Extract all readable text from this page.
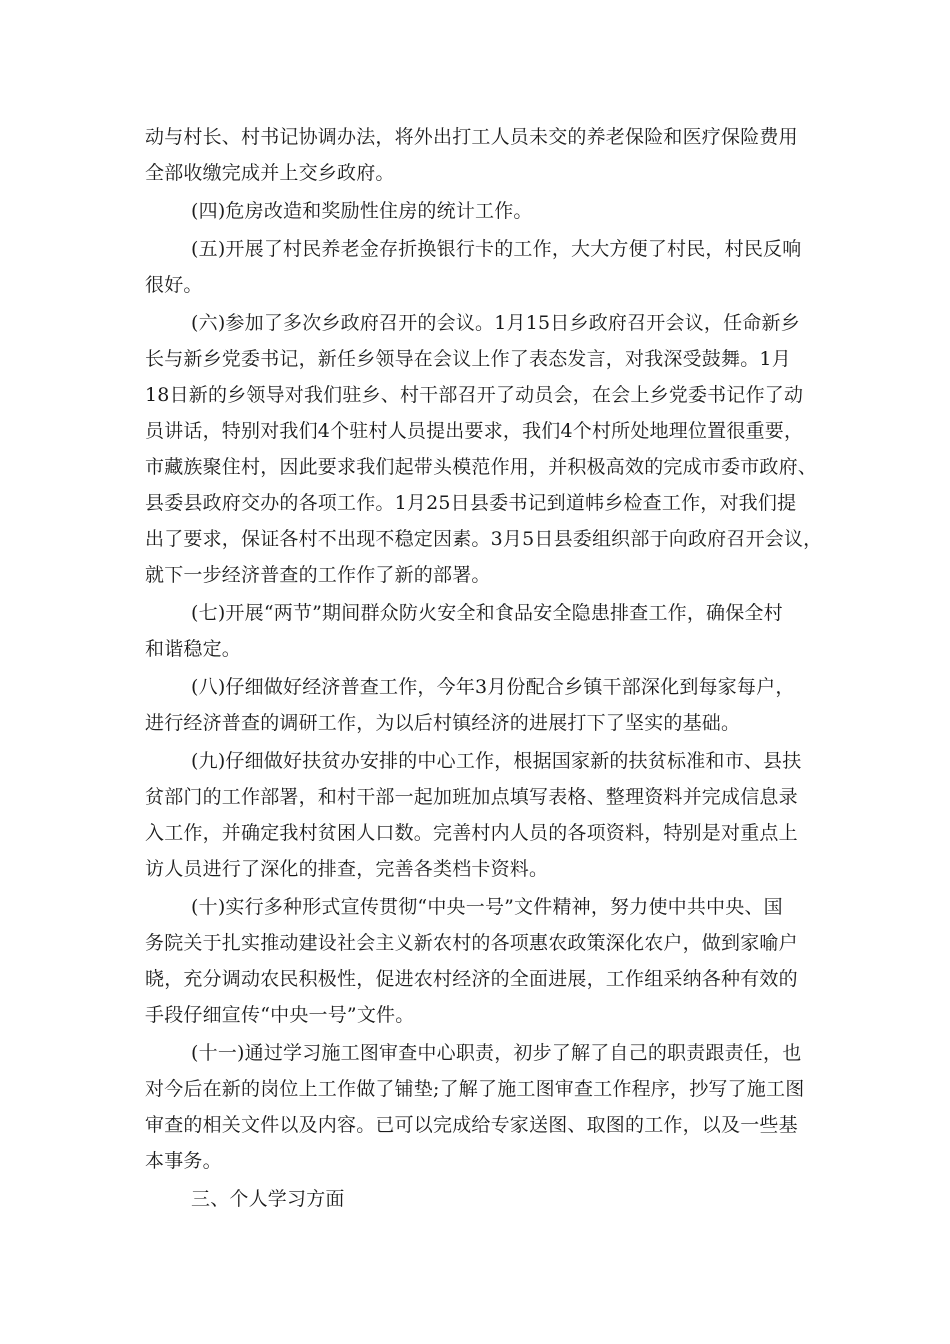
动与村长、村书记协调办法，将外出打工人员未交的养老保险和医疗保险费用
全部收缴完成并上交乡政府。
(四)危房改造和奖励性住房的统计工作。
(五)开展了村民养老金存折换银行卡的工作，大大方便了村民，村民反响
很好。
(六)参加了多次乡政府召开的会议。1月15日乡政府召开会议，任命新乡
长与新乡党委书记，新任乡领导在会议上作了表态发言，对我深受鼓舞。1月
18日新的乡领导对我们驻乡、村干部召开了动员会，在会上乡党委书记作了动
员讲话，特别对我们4个驻村人员提出要求，我们4个村所处地理位置很重要，
市藏族聚住村，因此要求我们起带头模范作用，并积极高效的完成市委市政府、
县委县政府交办的各项工作。1月25日县委书记到道帏乡检查工作，对我们提
出了要求，保证各村不出现不稳定因素。3月5日县委组织部于向政府召开会议，
就下一步经济普查的工作作了新的部署。
(七)开展“两节”期间群众防火安全和食品安全隐患排查工作，确保全村
和谐稳定。
(八)仔细做好经济普查工作，今年3月份配合乡镇干部深化到每家每户，
进行经济普查的调研工作，为以后村镇经济的进展打下了坚实的基础。
(九)仔细做好扶贫办安排的中心工作，根据国家新的扶贫标准和市、县扶
贫部门的工作部署，和村干部一起加班加点填写表格、整理资料并完成信息录
入工作，并确定我村贫困人口数。完善村内人员的各项资料，特别是对重点上
访人员进行了深化的排查，完善各类档卡资料。
(十)实行多种形式宣传贯彻“中央一号”文件精神，努力使中共中央、国
务院关于扎实推动建设社会主义新农村的各项惠农政策深化农户，做到家喻户
晓，充分调动农民积极性，促进农村经济的全面进展，工作组采纳各种有效的
手段仔细宣传“中央一号”文件。
(十一)通过学习施工图审查中心职责，初步了解了自己的职责跟责任，也
对今后在新的岗位上工作做了铺垫;了解了施工图审查工作程序，抄写了施工图
审查的相关文件以及内容。已可以完成给专家送图、取图的工作，以及一些基
本事务。
三、个人学习方面
